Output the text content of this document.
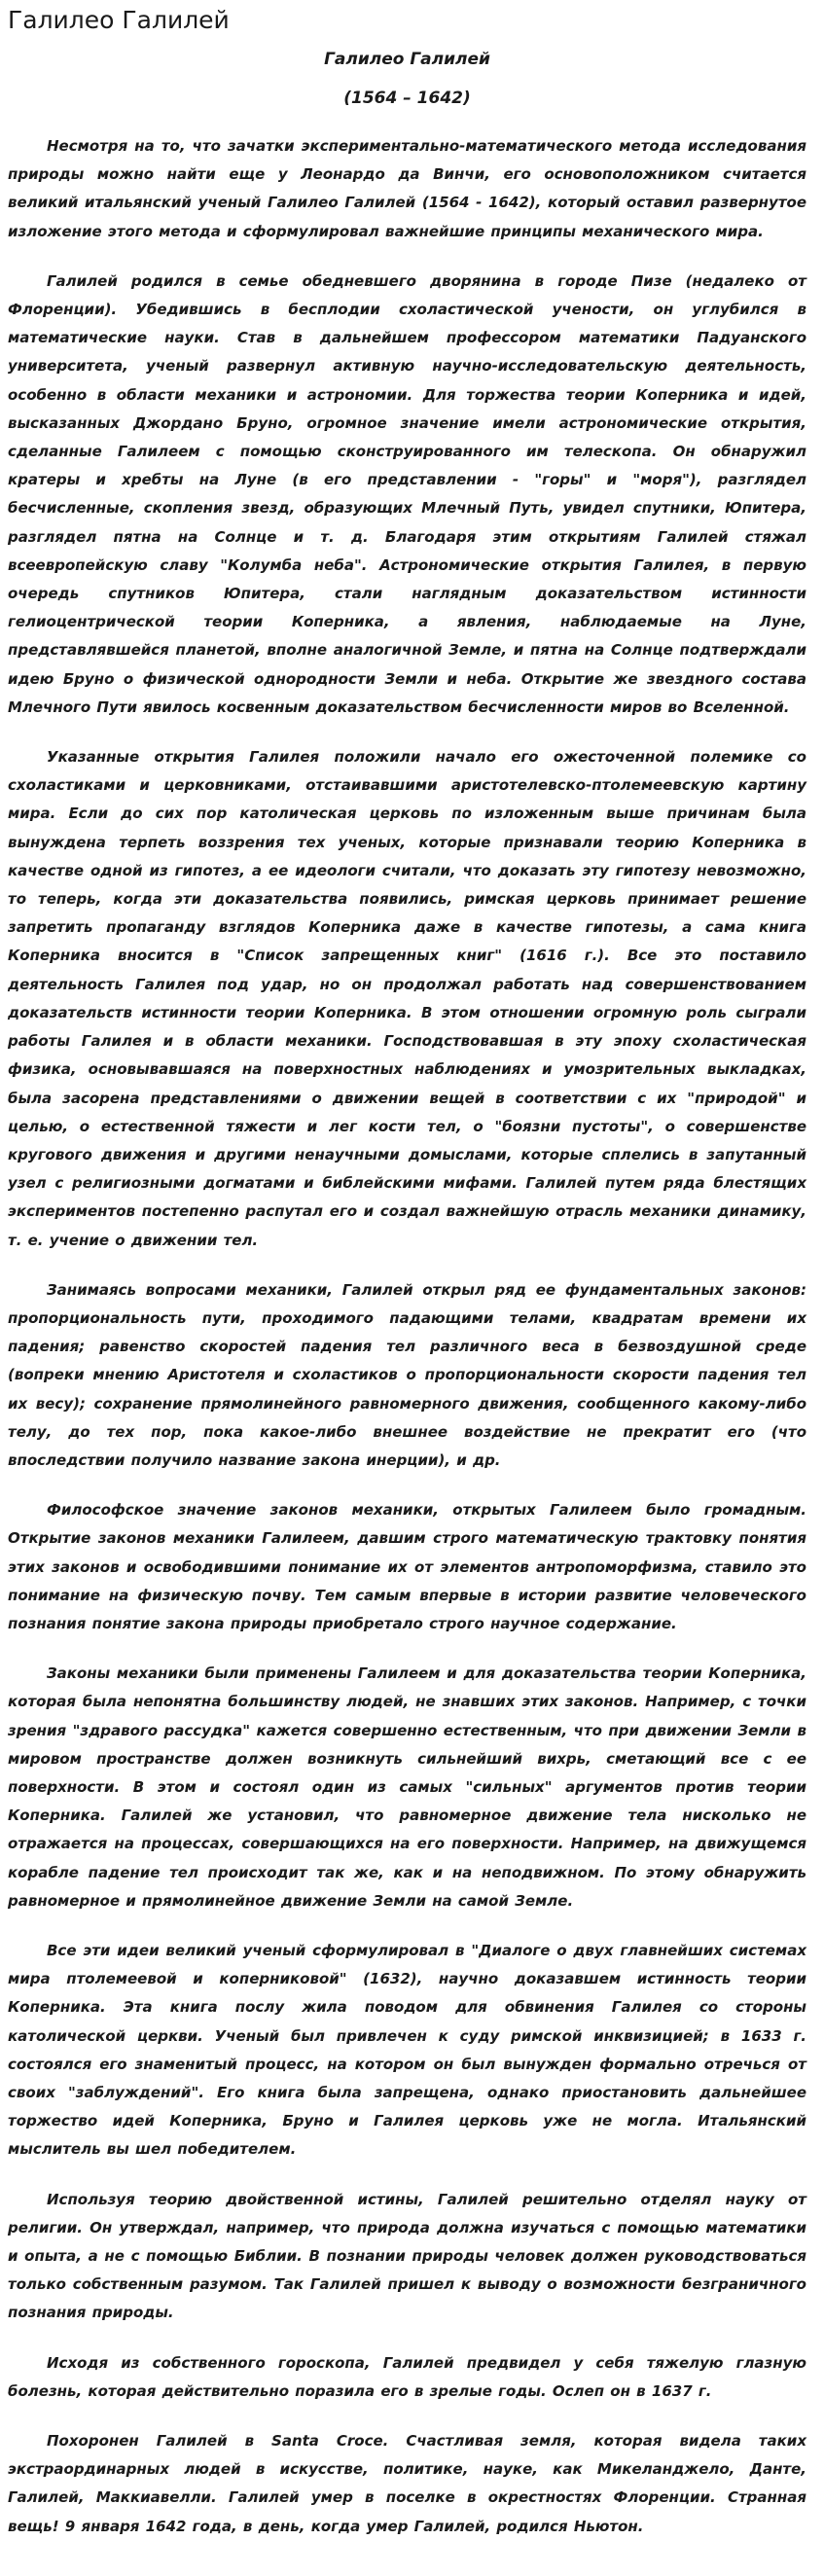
Галилео Галилей
Галилео Галилей
(1564 – 1642)

Несмотря на то, что зачатки экспериментально-математического метода исследования природы можно найти еще у Леонардо да Винчи, его основоположником считается великий итальянский ученый Галилео Галилей (1564 - 1642), который оставил развернутое изложение этого метода и сформулировал важнейшие принципы механического мира.

Галилей родился в семье обедневшего дворянина в городе Пизе (недалеко от Флоренции). Убедившись в бесплодии схоластической учености, он углубился в математические науки. Став в дальнейшем профессором математики Падуанского университета, ученый развернул активную научно-исследовательскую деятельность, особенно в области механики и астрономии. Для торжества теории Коперника и идей, высказанных Джордано Бруно, огромное значение имели астрономические открытия, сделанные Галилеем с помощью сконструированного им телескопа. Он обнаружил кратеры и хребты на Луне (в его представлении - "горы" и "моря"), разглядел бесчисленные, скопления звезд, образующих Млечный Путь, увидел спутники, Юпитера, разглядел пятна на Солнце и т. д. Благодаря этим открытиям Галилей стяжал всеевропейскую славу "Колумба неба". Астрономические открытия Галилея, в первую очередь спутников Юпитера, стали наглядным доказательством истинности гелиоцентрической теории Коперника, а явления, наблюдаемые на Луне, представлявшейся планетой, вполне аналогичной Земле, и пятна на Солнце подтверждали идею Бруно о физической однородности Земли и неба. Открытие же звездного состава Млечного Пути явилось косвенным доказательством бесчисленности миров во Вселенной.

Указанные открытия Галилея положили начало его ожесточенной полемике со схоластиками и церковниками, отстаивавшими аристотелевско-птолемеевскую картину мира. Если до сих пор католическая церковь по изложенным выше причинам была вынуждена терпеть воззрения тех ученых, которые признавали теорию Коперника в качестве одной из гипотез, а ее идеологи считали, что доказать эту гипотезу невозможно, то теперь, когда эти доказательства появились, римская церковь принимает решение запретить пропаганду взглядов Коперника даже в качестве гипотезы, а сама книга Коперника вносится в "Список запрещенных книг" (1616 г.). Все это поставило деятельность Галилея под удар, но он продолжал работать над совершенствованием доказательств истинности теории Коперника. В этом отношении огромную роль сыграли работы Галилея и в области механики. Господствовавшая в эту эпоху схоластическая физика, основывавшаяся на поверхностных наблюдениях и умозрительных выкладках, была засорена представлениями о движении вещей в соответствии с их "природой" и целью, о естественной тяжести и лег кости тел, о "боязни пустоты", о совершенстве кругового движения и другими ненаучными домыслами, которые сплелись в запутанный узел с религиозными догматами и библейскими мифами. Галилей путем ряда блестящих экспериментов постепенно распутал его и создал важнейшую отрасль механики динамику, т. е. учение о движении тел.

Занимаясь вопросами механики, Галилей открыл ряд ее фундаментальных законов: пропорциональность пути, проходимого падающими телами, квадратам времени их падения; равенство скоростей падения тел различного веса в безвоздушной среде (вопреки мнению Аристотеля и схоластиков о пропорциональности скорости падения тел их весу); сохранение прямолинейного равномерного движения, сообщенного какому-либо телу, до тех пор, пока какое-либо внешнее воздействие не прекратит его (что впоследствии получило название закона инерции), и др.

Философское значение законов механики, открытых Галилеем было громадным. Открытие законов механики Галилеем, давшим строго математическую трактовку понятия этих законов и освободившими понимание их от элементов антропоморфизма, ставило это понимание на физическую почву. Тем самым впервые в истории развитие человеческого познания понятие закона природы приобретало строго научное содержание.

Законы механики были применены Галилеем и для доказательства теории Коперника, которая была непонятна большинству людей, не знавших этих законов. Например, с точки зрения "здравого рассудка" кажется совершенно естественным, что при движении Земли в мировом пространстве должен возникнуть сильнейший вихрь, сметающий все с ее поверхности. В этом и состоял один из самых "сильных" аргументов против теории Коперника. Галилей же установил, что равномерное движение тела нисколько не отражается на процессах, совершающихся на его поверхности. Например, на движущемся корабле падение тел происходит так же, как и на неподвижном. По этому обнаружить равномерное и прямолинейное движение Земли на самой Земле.

Все эти идеи великий ученый сформулировал в "Диалоге о двух главнейших системах мира птолемеевой и коперниковой" (1632), научно доказавшем истинность теории Коперника. Эта книга послу жила поводом для обвинения Галилея со стороны католической церкви. Ученый был привлечен к суду римской инквизицией; в 1633 г. состоялся его знаменитый процесс, на котором он был вынужден формально отречься от своих "заблуждений". Его книга была запрещена, однако приостановить дальнейшее торжество идей Коперника, Бруно и Галилея церковь уже не могла. Итальянский мыслитель вы шел победителем.

Используя теорию двойственной истины, Галилей решительно отделял науку от религии. Он утверждал, например, что природа должна изучаться с помощью математики и опыта, а не с помощью Библии. В познании природы человек должен руководствоваться только собственным разумом. Так Галилей пришел к выводу о возможности безграничного познания природы.

Исходя из собственного гороскопа, Галилей предвидел у себя тяжелую глазную болезнь, которая действительно поразила его в зрелые годы. Ослеп он в 1637 г.

Похоронен Галилей в Santa Croce. Счастливая земля, которая видела таких экстраординарных людей в искусстве, политике, науке, как Микеланджело, Данте, Галилей, Маккиавелли. Галилей умер в поселке в окрестностях Флоренции. Странная вещь! 9 января 1642 года, в день, когда умер Галилей, родился Ньютон.
